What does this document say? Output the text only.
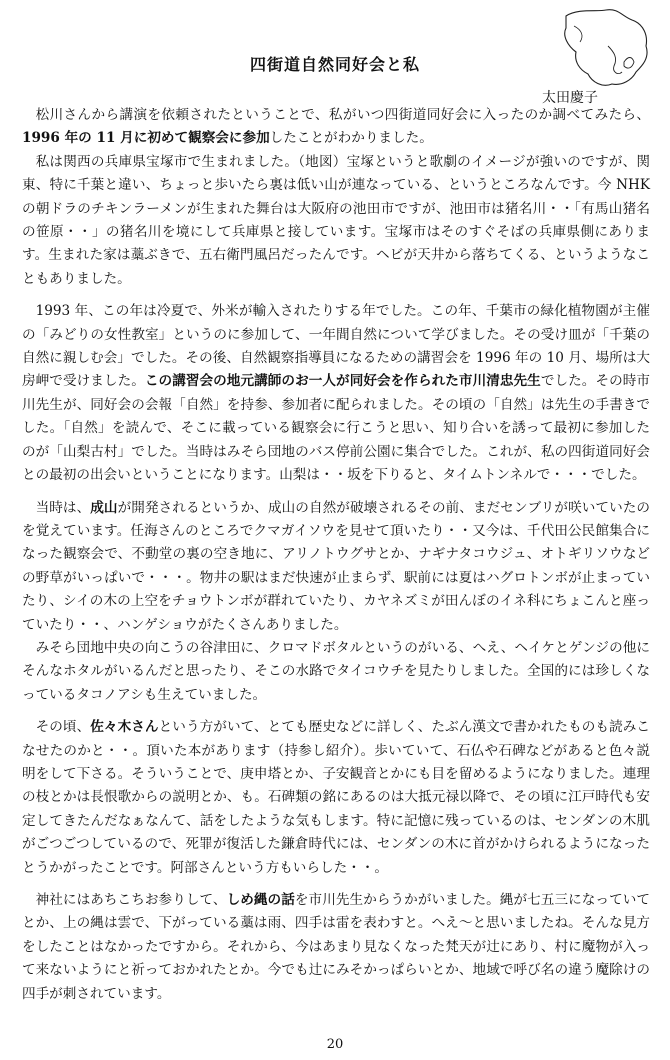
四街道自然同好会と私
太田慶子

松川さんから講演を依頼されたということで、私がいつ四街道同好会に入ったのか調べてみたら、1996 年の 11 月に初めて観察会に参加したことがわかりました。

私は関西の兵庫県宝塚市で生まれました。（地図）宝塚というと歌劇のイメージが強いのですが、関東、特に千葉と違い、ちょっと歩いたら裏は低い山が連なっている、というところなんです。今 NHK の朝ドラのチキンラーメンが生まれた舞台は大阪府の池田市ですが、池田市は猪名川・・「有馬山猪名の笹原・・」の猪名川を境にして兵庫県と接しています。宝塚市はそのすぐそばの兵庫県側にあります。生まれた家は藁ぶきで、五右衛門風呂だったんです。ヘビが天井から落ちてくる、というようなこともありました。

1993 年、この年は冷夏で、外米が輸入されたりする年でした。この年、千葉市の緑化植物園が主催の「みどりの女性教室」というのに参加して、一年間自然について学びました。その受け皿が「千葉の自然に親しむ会」でした。その後、自然観察指導員になるための講習会を 1996 年の 10 月、場所は大房岬で受けました。この講習会の地元講師のお一人が同好会を作られた市川清忠先生でした。その時市川先生が、同好会の会報「自然」を持参、参加者に配られました。その頃の「自然」は先生の手書きでした。「自然」を読んで、そこに載っている観察会に行こうと思い、知り合いを誘って最初に参加したのが「山梨古村」でした。当時はみそら団地のバス停前公園に集合でした。これが、私の四街道同好会との最初の出会いということになります。山梨は・・坂を下りると、タイムトンネルで・・・でした。

当時は、成山が開発されるというか、成山の自然が破壊されるその前、まだセンブリが咲いていたのを覚えています。任海さんのところでクマガイソウを見せて頂いたり・・又今は、千代田公民館集合になった観察会で、不動堂の裏の空き地に、アリノトウグサとか、ナギナタコウジュ、オトギリソウなどの野草がいっぱいで・・・。物井の駅はまだ快速が止まらず、駅前には夏はハグロトンボが止まっていたり、シイの木の上空をチョウトンボが群れていたり、カヤネズミが田んぼのイネ科にちょこんと座っていたり・・、ハンゲショウがたくさんありました。

みそら団地中央の向こうの谷津田に、クロマドボタルというのがいる、へえ、ヘイケとゲンジの他にそんなホタルがいるんだと思ったり、そこの水路でタイコウチを見たりしました。全国的には珍しくなっているタコノアシも生えていました。

その頃、佐々木さんという方がいて、とても歴史などに詳しく、たぶん漢文で書かれたものも読みこなせたのかと・・。頂いた本があります（持参し紹介）。歩いていて、石仏や石碑などがあると色々説明をして下さる。そういうことで、庚申塔とか、子安観音とかにも目を留めるようになりました。連理の枝とかは長恨歌からの説明とか、も。石碑類の銘にあるのは大抵元禄以降で、その頃に江戸時代も安定してきたんだなぁなんて、話をしたような気もします。特に記憶に残っているのは、センダンの木肌がごつごつしているので、死罪が復活した鎌倉時代には、センダンの木に首がかけられるようになったとうかがったことです。阿部さんという方もいらした・・。

神社にはあちこちお参りして、しめ縄の話を市川先生からうかがいました。縄が七五三になっていてとか、上の縄は雲で、下がっている藁は雨、四手は雷を表わすと。へえ〜と思いましたね。そんな見方をしたことはなかったですから。それから、今はあまり見なくなった梵天が辻にあり、村に魔物が入って来ないようにと祈っておかれたとか。今でも辻にみそかっぱらいとか、地域で呼び名の違う魔除けの四手が刺されています。

20
